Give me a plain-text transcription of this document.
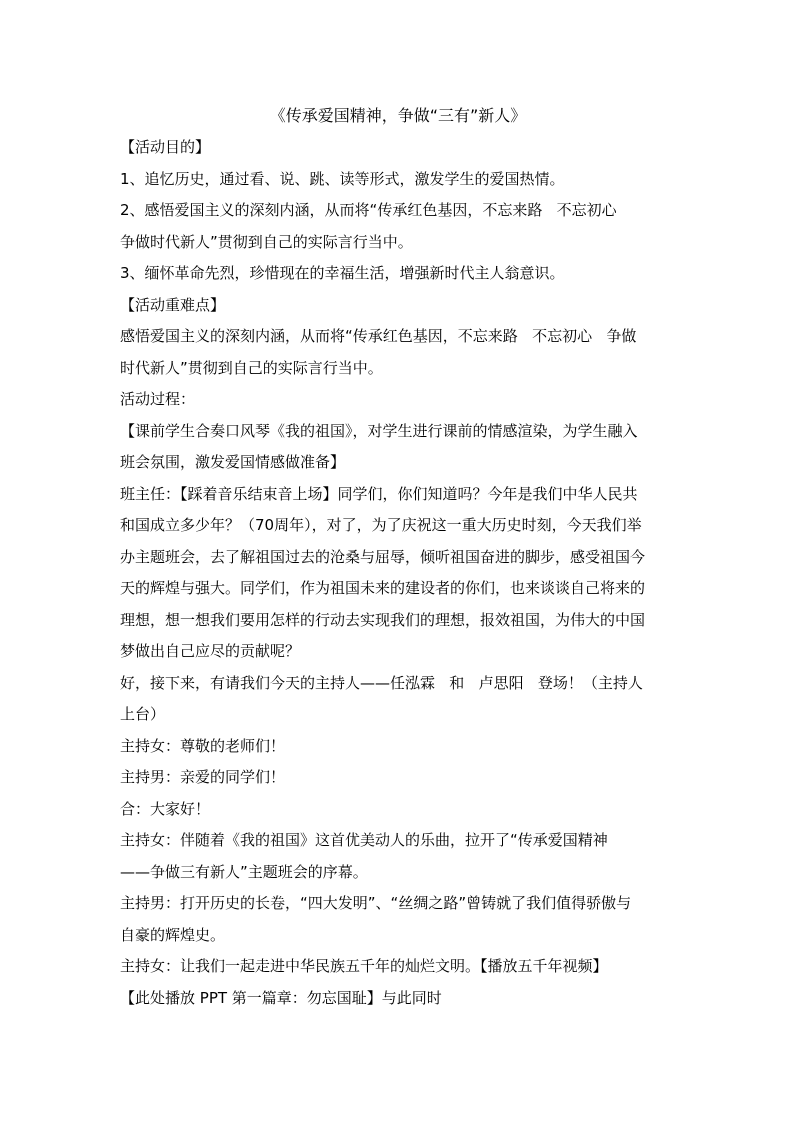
《传承爱国精神，争做“三有”新人》
【活动目的】
1、追忆历史，通过看、说、跳、读等形式，激发学生的爱国热情。
2、感悟爱国主义的深刻内涵，从而将“传承红色基因，不忘来路   不忘初心
争做时代新人”贯彻到自己的实际言行当中。
3、缅怀革命先烈，珍惜现在的幸福生活，增强新时代主人翁意识。
【活动重难点】
感悟爱国主义的深刻内涵，从而将“传承红色基因，不忘来路   不忘初心   争做
时代新人”贯彻到自己的实际言行当中。
活动过程：
【课前学生合奏口风琴《我的祖国》，对学生进行课前的情感渲染，为学生融入
班会氛围，激发爱国情感做准备】
班主任：【踩着音乐结束音上场】同学们，你们知道吗？今年是我们中华人民共
和国成立多少年？（70周年），对了，为了庆祝这一重大历史时刻，今天我们举
办主题班会，去了解祖国过去的沧桑与屈辱，倾听祖国奋进的脚步，感受祖国今
天的辉煌与强大。同学们，作为祖国未来的建设者的你们，也来谈谈自己将来的
理想，想一想我们要用怎样的行动去实现我们的理想，报效祖国，为伟大的中国
梦做出自己应尽的贡献呢？
好，接下来，有请我们今天的主持人——任泓霖   和   卢思阳   登场！（主持人
上台）
主持女：尊敬的老师们！
主持男：亲爱的同学们！
合：大家好！
主持女：伴随着《我的祖国》这首优美动人的乐曲，拉开了“传承爱国精神
——争做三有新人”主题班会的序幕。
主持男：打开历史的长卷，“四大发明”、“丝绸之路”曾铸就了我们值得骄傲与
自豪的辉煌史。
主持女：让我们一起走进中华民族五千年的灿烂文明。【播放五千年视频】
【此处播放 PPT 第一篇章：勿忘国耻】与此同时
